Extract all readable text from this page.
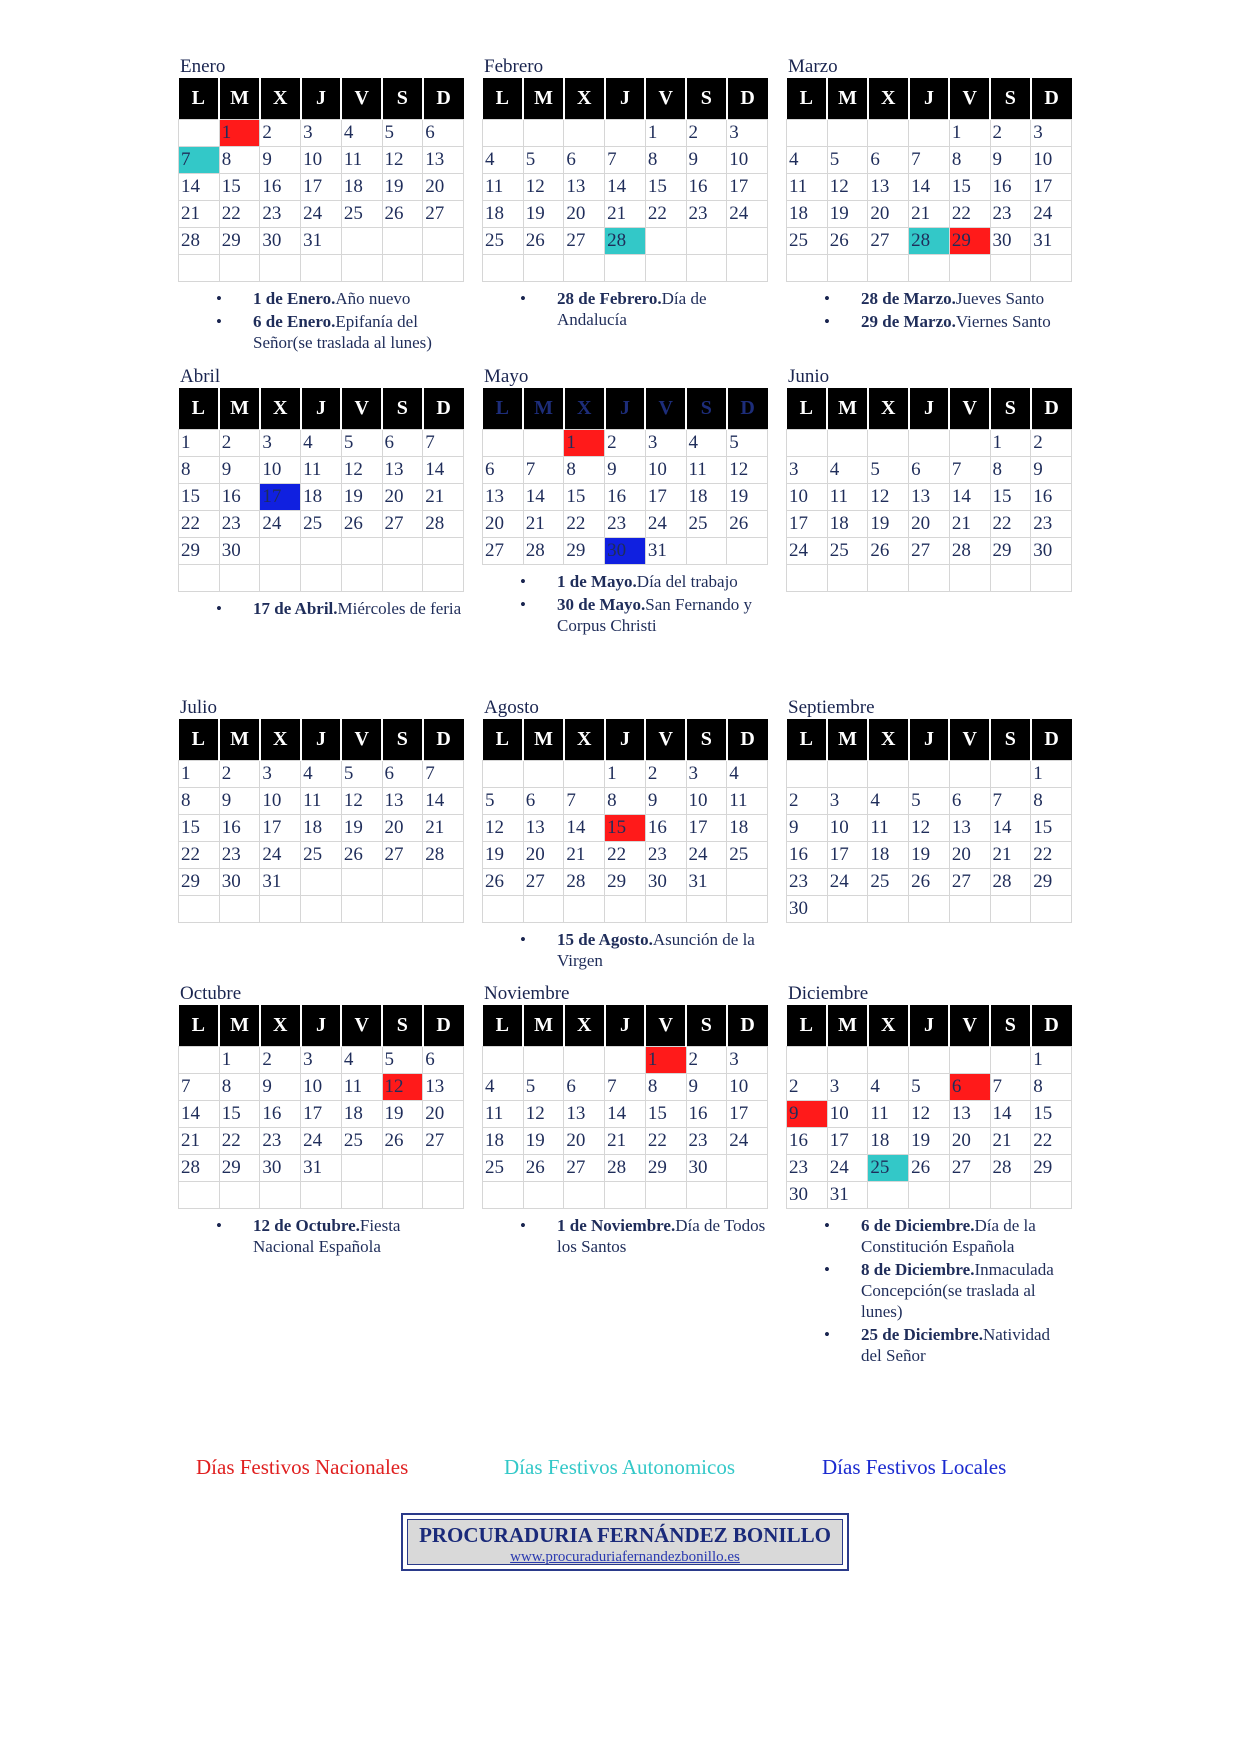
Enero
L	M	X	J	V	S	D
	1	2	3	4	5	6
7	8	9	10	11	12	13
14	15	16	17	18	19	20
21	22	23	24	25	26	27
28	29	30	31			

• 1 de Enero.Año nuevo
• 6 de Enero.Epifanía del Señor(se traslada al lunes)
Febrero
L	M	X	J	V	S	D
				1	2	3
4	5	6	7	8	9	10
11	12	13	14	15	16	17
18	19	20	21	22	23	24
25	26	27	28			

• 28 de Febrero.Día de Andalucía
Marzo
L	M	X	J	V	S	D
				1	2	3
4	5	6	7	8	9	10
11	12	13	14	15	16	17
18	19	20	21	22	23	24
25	26	27	28	29	30	31

• 28 de Marzo.Jueves Santo
• 29 de Marzo.Viernes Santo
Abril
L	M	X	J	V	S	D
1	2	3	4	5	6	7
8	9	10	11	12	13	14
15	16	17	18	19	20	21
22	23	24	25	26	27	28
29	30					

• 17 de Abril.Miércoles de feria
Mayo
L	M	X	J	V	S	D
		1	2	3	4	5
6	7	8	9	10	11	12
13	14	15	16	17	18	19
20	21	22	23	24	25	26
27	28	29	30	31		
• 1 de Mayo.Día del trabajo
• 30 de Mayo.San Fernando y Corpus Christi
Junio
L	M	X	J	V	S	D
					1	2
3	4	5	6	7	8	9
10	11	12	13	14	15	16
17	18	19	20	21	22	23
24	25	26	27	28	29	30

Julio
L	M	X	J	V	S	D
1	2	3	4	5	6	7
8	9	10	11	12	13	14
15	16	17	18	19	20	21
22	23	24	25	26	27	28
29	30	31				

Agosto
L	M	X	J	V	S	D
			1	2	3	4
5	6	7	8	9	10	11
12	13	14	15	16	17	18
19	20	21	22	23	24	25
26	27	28	29	30	31	

• 15 de Agosto.Asunción de la Virgen
Septiembre
L	M	X	J	V	S	D
						1
2	3	4	5	6	7	8
9	10	11	12	13	14	15
16	17	18	19	20	21	22
23	24	25	26	27	28	29
30						
Octubre
L	M	X	J	V	S	D
	1	2	3	4	5	6
7	8	9	10	11	12	13
14	15	16	17	18	19	20
21	22	23	24	25	26	27
28	29	30	31			

• 12 de Octubre.Fiesta Nacional Española
Noviembre
L	M	X	J	V	S	D
				1	2	3
4	5	6	7	8	9	10
11	12	13	14	15	16	17
18	19	20	21	22	23	24
25	26	27	28	29	30	

• 1 de Noviembre.Día de Todos los Santos
Diciembre
L	M	X	J	V	S	D
						1
2	3	4	5	6	7	8
9	10	11	12	13	14	15
16	17	18	19	20	21	22
23	24	25	26	27	28	29
30	31					
• 6 de Diciembre.Día de la Constitución Española
• 8 de Diciembre.Inmaculada Concepción(se traslada al lunes)
• 25 de Diciembre.Natividad del Señor
Días Festivos Nacionales	Días Festivos Autonomicos	Días Festivos Locales
PROCURADURIA FERNÁNDEZ BONILLO
www.procuraduriafernandezbonillo.es
